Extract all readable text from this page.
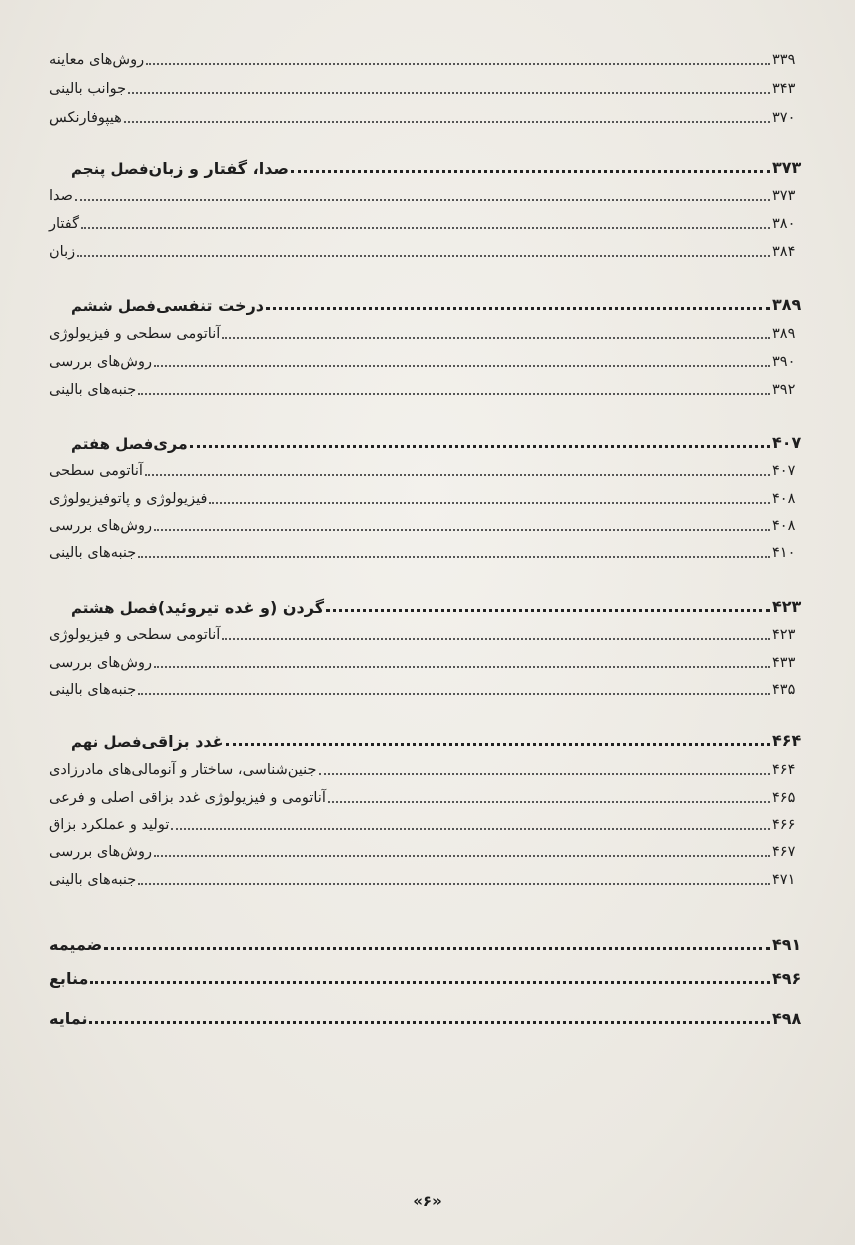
روش‌های معاینه	۳۳۹
جوانب بالینی	۳۴۳
هیپوفارنکس	۳۷۰
فصل پنجم صدا، گفتار و زبان	۳۷۳
صدا	۳۷۳
گفتار	۳۸۰
زبان	۳۸۴
فصل ششم درخت تنفسی	۳۸۹
آناتومی سطحی و فیزیولوژی	۳۸۹
روش‌های بررسی	۳۹۰
جنبه‌های بالینی	۳۹۲
فصل هفتم مری	۴۰۷
آناتومی سطحی	۴۰۷
فیزیولوژی و پاتوفیزیولوژی	۴۰۸
روش‌های بررسی	۴۰۸
جنبه‌های بالینی	۴۱۰
فصل هشتم گردن (و غده تیروئید)	۴۲۳
آناتومی سطحی و فیزیولوژی	۴۲۳
روش‌های بررسی	۴۳۳
جنبه‌های بالینی	۴۳۵
فصل نهم غدد بزاقی	۴۶۴
جنین‌شناسی، ساختار و آنومالی‌های مادرزادی	۴۶۴
آناتومی و فیزیولوژی غدد بزاقی اصلی و فرعی	۴۶۵
تولید و عملکرد بزاق	۴۶۶
روش‌های بررسی	۴۶۷
جنبه‌های بالینی	۴۷۱
ضمیمه	۴۹۱
منابع	۴۹۶
نمایه	۴۹۸
«۶»
